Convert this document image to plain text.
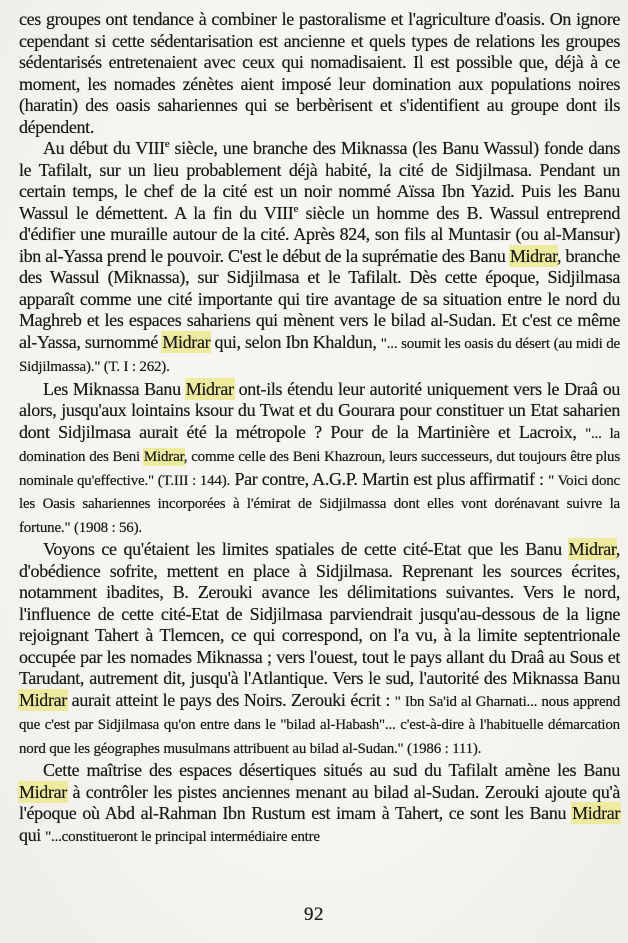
ces groupes ont tendance à combiner le pastoralisme et l'agriculture d'oasis. On ignore cependant si cette sédentarisation est ancienne et quels types de relations les groupes sédentarisés entretenaient avec ceux qui nomadisaient. Il est possible que, déjà à ce moment, les nomades zénètes aient imposé leur domination aux populations noires (haratin) des oasis sahariennes qui se berbèrisent et s'identifient au groupe dont ils dépendent.

Au début du VIIIe siècle, une branche des Miknassa (les Banu Wassul) fonde dans le Tafilalt, sur un lieu probablement déjà habité, la cité de Sidjilmasa. Pendant un certain temps, le chef de la cité est un noir nommé Aïssa Ibn Yazid. Puis les Banu Wassul le démettent. A la fin du VIIIe siècle un homme des B. Wassul entreprend d'édifier une muraille autour de la cité. Après 824, son fils al Muntasir (ou al-Mansur) ibn al-Yassa prend le pouvoir. C'est le début de la suprématie des Banu Midrar, branche des Wassul (Miknassa), sur Sidjilmasa et le Tafilalt. Dès cette époque, Sidjilmasa apparaît comme une cité importante qui tire avantage de sa situation entre le nord du Maghreb et les espaces sahariens qui mènent vers le bilad al-Sudan. Et c'est ce même al-Yassa, surnommé Midrar qui, selon Ibn Khaldun, "... soumit les oasis du désert (au midi de Sidjilmassa)." (T. I : 262).

Les Miknassa Banu Midrar ont-ils étendu leur autorité uniquement vers le Draâ ou alors, jusqu'aux lointains ksour du Twat et du Gourara pour constituer un Etat saharien dont Sidjilmasa aurait été la métropole ? Pour de la Martinière et Lacroix, "... la domination des Beni Midrar, comme celle des Beni Khazroun, leurs successeurs, dut toujours être plus nominale qu'effective." (T.III : 144). Par contre, A.G.P. Martin est plus affirmatif : " Voici donc les Oasis sahariennes incorporées à l'émirat de Sidjilmassa dont elles vont dorénavant suivre la fortune." (1908 : 56).

Voyons ce qu'étaient les limites spatiales de cette cité-Etat que les Banu Midrar, d'obédience sofrite, mettent en place à Sidjilmasa. Reprenant les sources écrites, notamment ibadites, B. Zerouki avance les délimitations suivantes. Vers le nord, l'influence de cette cité-Etat de Sidjilmasa parviendrait jusqu'au-dessous de la ligne rejoignant Tahert à Tlemcen, ce qui correspond, on l'a vu, à la limite septentrionale occupée par les nomades Miknassa ; vers l'ouest, tout le pays allant du Draâ au Sous et Tarudant, autrement dit, jusqu'à l'Atlantique. Vers le sud, l'autorité des Miknassa Banu Midrar aurait atteint le pays des Noirs. Zerouki écrit : " Ibn Sa'id al Gharnati... nous apprend que c'est par Sidjilmasa qu'on entre dans le "bilad al-Habash"... c'est-à-dire à l'habituelle démarcation nord que les géographes musulmans attribuent au bilad al-Sudan." (1986 : 111).

Cette maîtrise des espaces désertiques situés au sud du Tafilalt amène les Banu Midrar à contrôler les pistes anciennes menant au bilad al-Sudan. Zerouki ajoute qu'à l'époque où Abd al-Rahman Ibn Rustum est imam à Tahert, ce sont les Banu Midrar qui "...constitueront le principal intermédiaire entre

92
